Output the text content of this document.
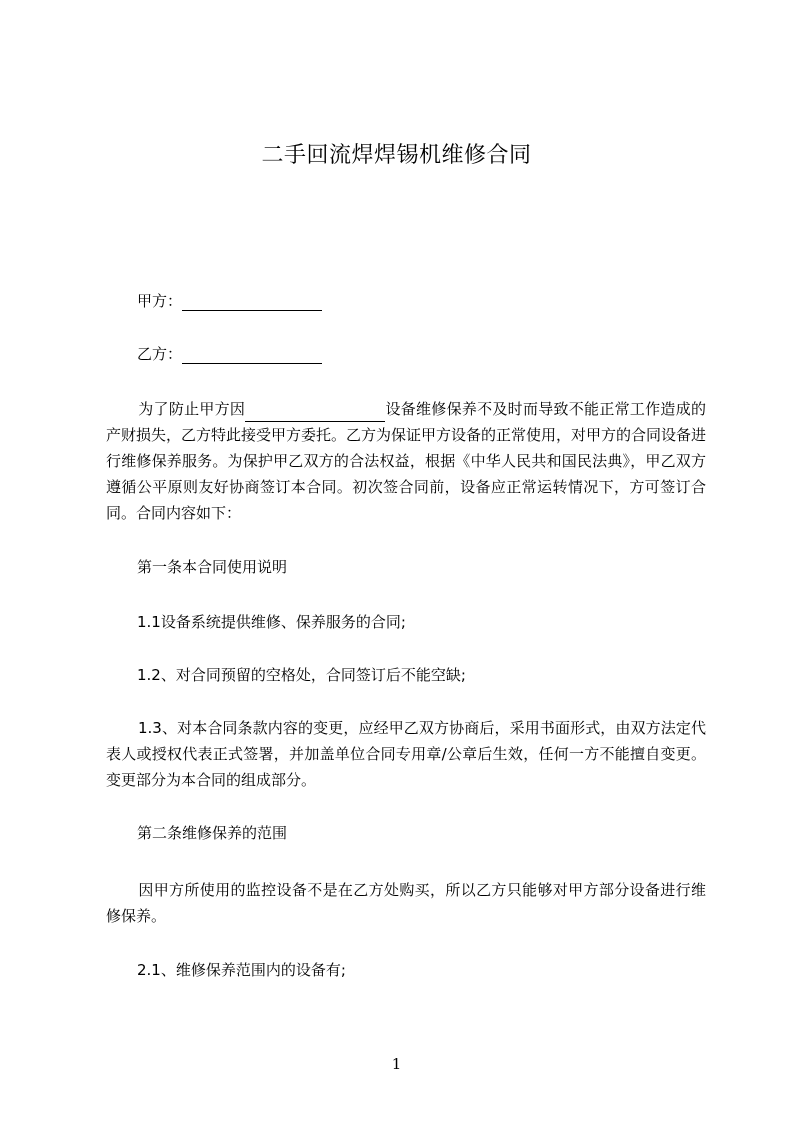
二手回流焊焊锡机维修合同
甲方：
乙方：
为了防止甲方因	设备维修保养不及时而导致不能正常工作造成的产财损失，乙方特此接受甲方委托。乙方为保证甲方设备的正常使用，对甲方的合同设备进行维修保养服务。为保护甲乙双方的合法权益，根据《中华人民共和国民法典》，甲乙双方遵循公平原则友好协商签订本合同。初次签合同前，设备应正常运转情况下，方可签订合同。合同内容如下：
第一条本合同使用说明
1.1设备系统提供维修、保养服务的合同;
1.2、对合同预留的空格处，合同签订后不能空缺;
1.3、对本合同条款内容的变更，应经甲乙双方协商后，采用书面形式，由双方法定代表人或授权代表正式签署，并加盖单位合同专用章/公章后生效，任何一方不能擅自变更。变更部分为本合同的组成部分。
第二条维修保养的范围
因甲方所使用的监控设备不是在乙方处购买，所以乙方只能够对甲方部分设备进行维修保养。
2.1、维修保养范围内的设备有;
1
